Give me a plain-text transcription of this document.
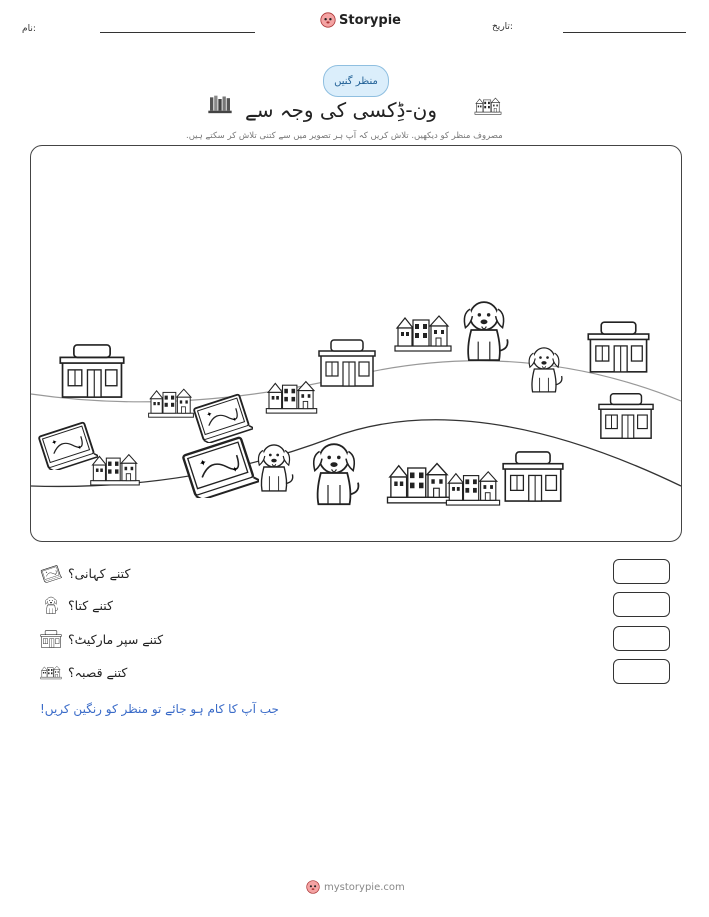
نام:
Storypie	تاریخ:
منظر گنیں
ون-ڈِکسی کی وجہ سے
مصروف منظر کو دیکھیں. تلاش کریں کہ آپ ہر تصویر میں سے کتنی تلاش کر سکتے ہیں.
کتنے کہانی؟
کتنے کتا؟
کتنے سپر مارکیٹ؟
کتنے قصبہ؟
جب آپ کا کام ہو جائے تو منظر کو رنگین کریں!
mystorypie.com
